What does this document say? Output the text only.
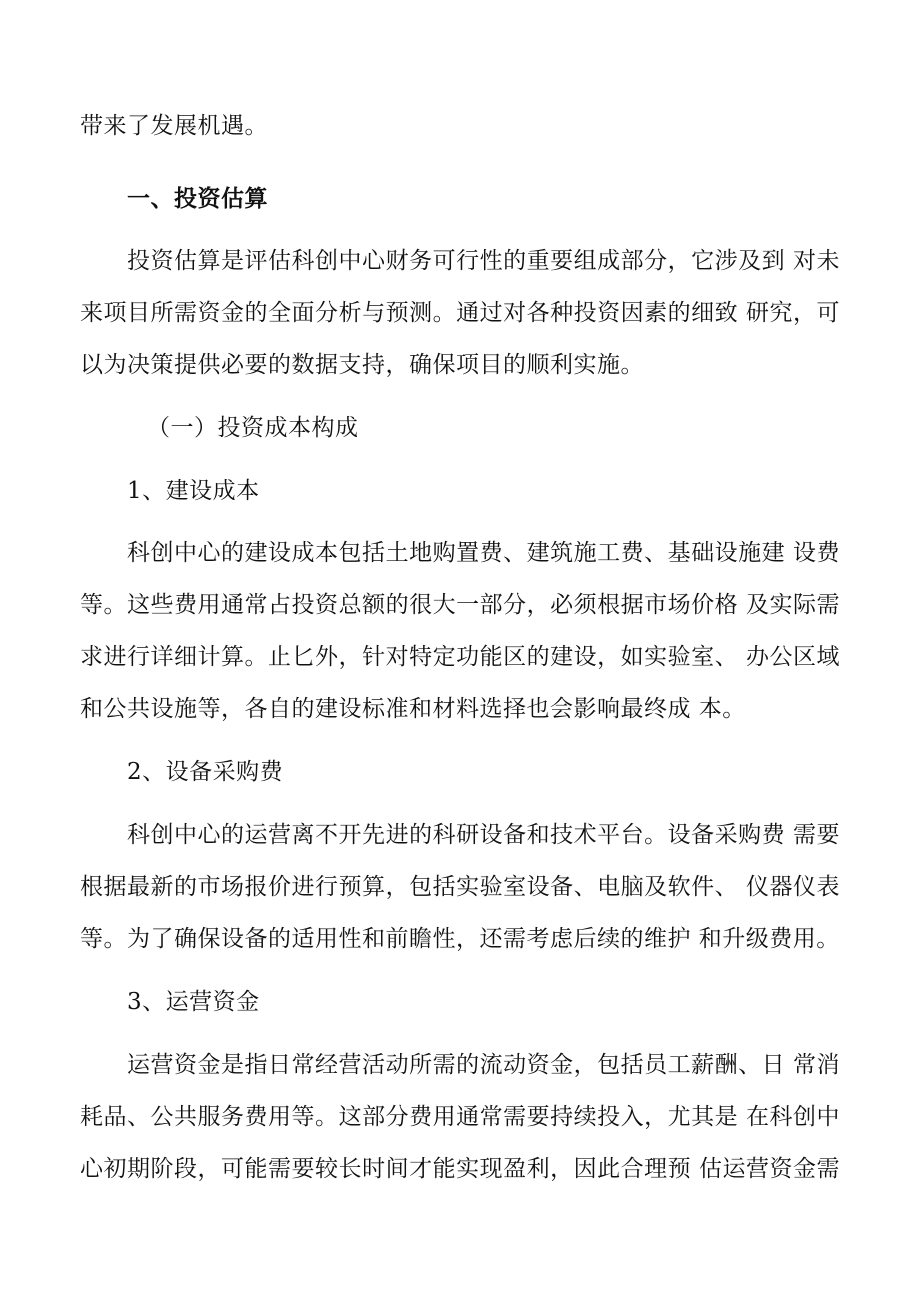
带来了发展机遇。
一、投资估算
投资估算是评估科创中心财务可行性的重要组成部分，它涉及到 对未
来项目所需资金的全面分析与预测。通过对各种投资因素的细致 研究，可
以为决策提供必要的数据支持，确保项目的顺利实施。
（一）投资成本构成
1、建设成本
科创中心的建设成本包括土地购置费、建筑施工费、基础设施建 设费
等。这些费用通常占投资总额的很大一部分，必须根据市场价格 及实际需
求进行详细计算。止匕外，针对特定功能区的建设，如实验室、 办公区域
和公共设施等，各自的建设标准和材料选择也会影响最终成 本。
2、设备采购费
科创中心的运营离不开先进的科研设备和技术平台。设备采购费 需要
根据最新的市场报价进行预算，包括实验室设备、电脑及软件、 仪器仪表
等。为了确保设备的适用性和前瞻性，还需考虑后续的维护 和升级费用。
3、运营资金
运营资金是指日常经营活动所需的流动资金，包括员工薪酬、日 常消
耗品、公共服务费用等。这部分费用通常需要持续投入，尤其是 在科创中
心初期阶段，可能需要较长时间才能实现盈利，因此合理预 估运营资金需
